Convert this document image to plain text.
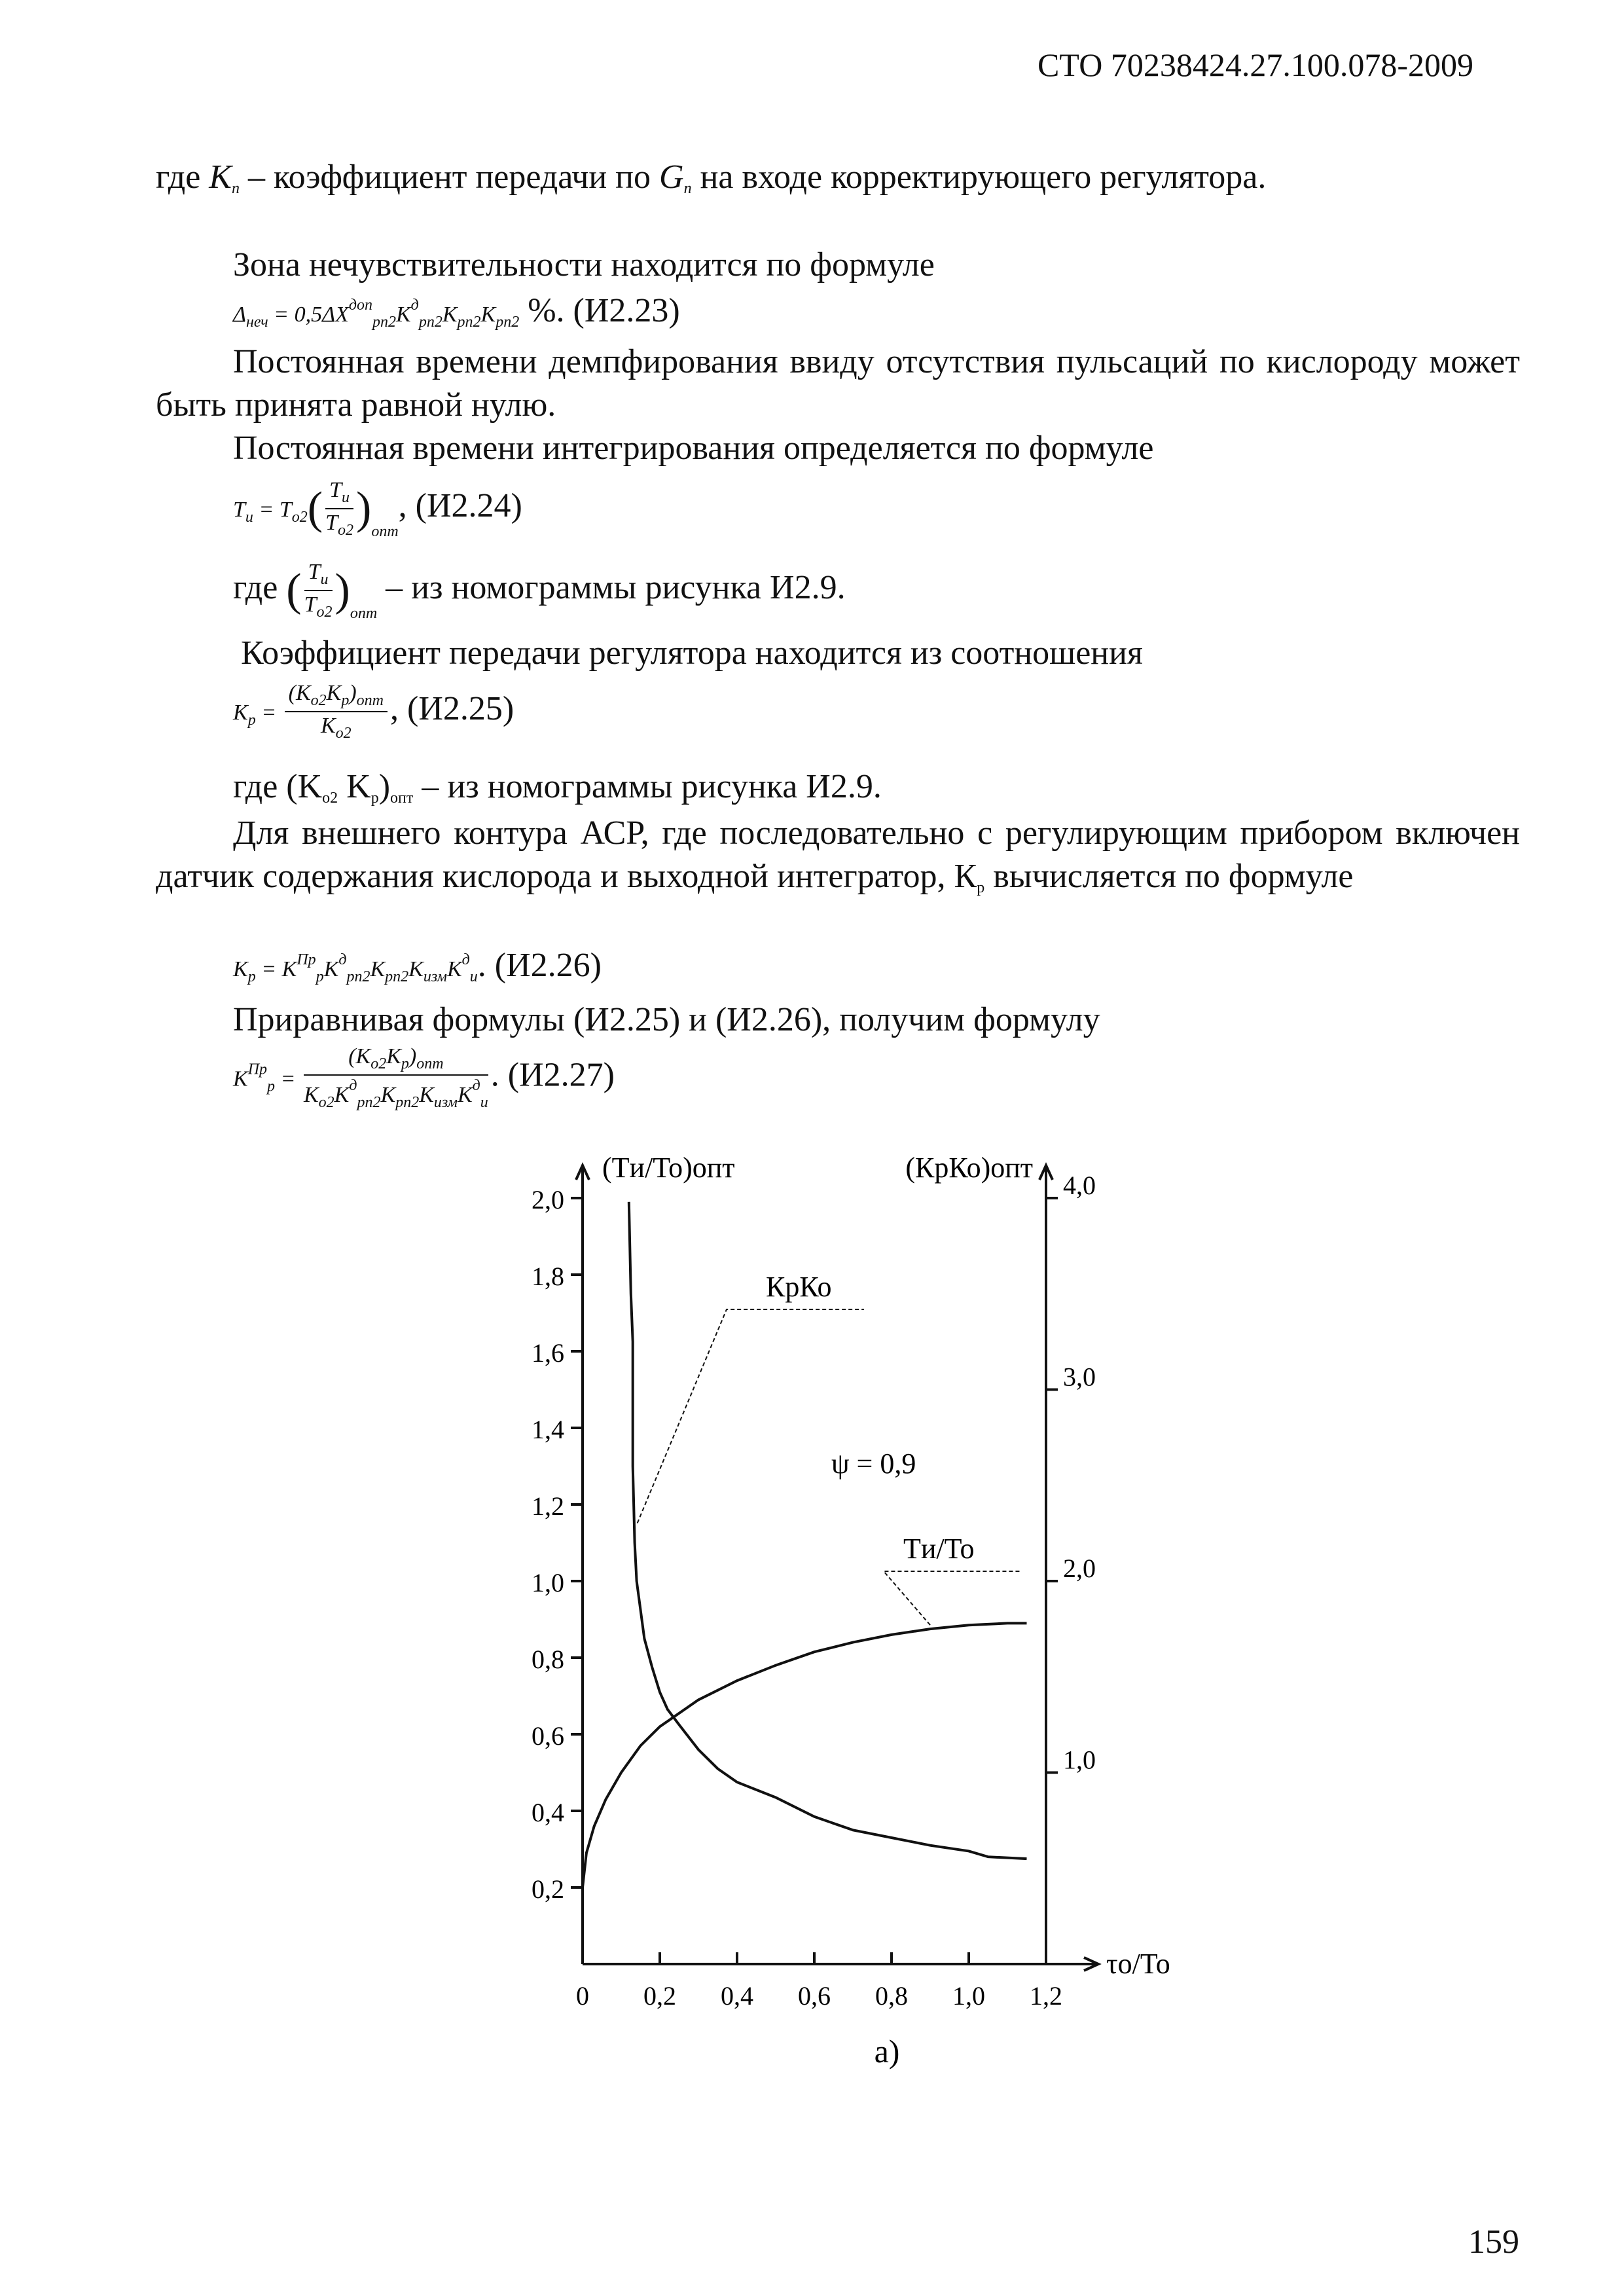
СТО 70238424.27.100.078-2009
где $K_n$ – коэффициент передачи по $G_n$ на входе корректирующего регулятора.
Зона нечувствительности находится по формуле
$\Delta_{неч} = 0,5\Delta X^{доп}_{рп2}K^д_{рп2}K_{рп2}K_{рп2}$ %. (И2.23)
Постоянная времени демпфирования ввиду отсутствия пульсаций по кислороду может быть принята равной нулю.
Постоянная времени интегрирования определяется по формуле
$T_и = T_{o2}( \frac{T_и}{T_{o2}} )_{опт}$, (И2.24)
где ( $\frac{T_и}{T_{o2}} )_{опт}$ – из номограммы рисунка И2.9.
Коэффициент передачи регулятора находится из соотношения
$K_p = \frac{(K_{o2}K_p)_{опт}}{K_{o2}}$ , (И2.25)
где ($K_{о2}$ $K_р)_{опт}$ – из номограммы рисунка И2.9.
Для внешнего контура АСР, где последовательно с регулирующим прибором включен датчик содержания кислорода и выходной интегратор, $К_р$ вычисляется по формуле
$K_p = K^{Пр}_pK^д_{рп2}K_{рп2}K_{изм}K^д_и$. (И2.26)
Приравнивая формулы (И2.25) и (И2.26), получим формулу
$K^{Пр}_p = \frac{(K_{o2}K_p)_{опт}}{K_{o2}K^д_{рп2}K_{рп2}K_{изм}K^д_и}$ . (И2.27)
0,2
0,4
0,6
0,8
1,0
1,2
1,4
1,6
1,8
2,0
1,0
2,0
3,0
4,0
0 0,2 0,4 0,6 0,8 1,0 1,2
(Tи/To)опт	(КрКо)опт
τo/To
КрКо
Tи/To
ψ = 0,9
а)
159
